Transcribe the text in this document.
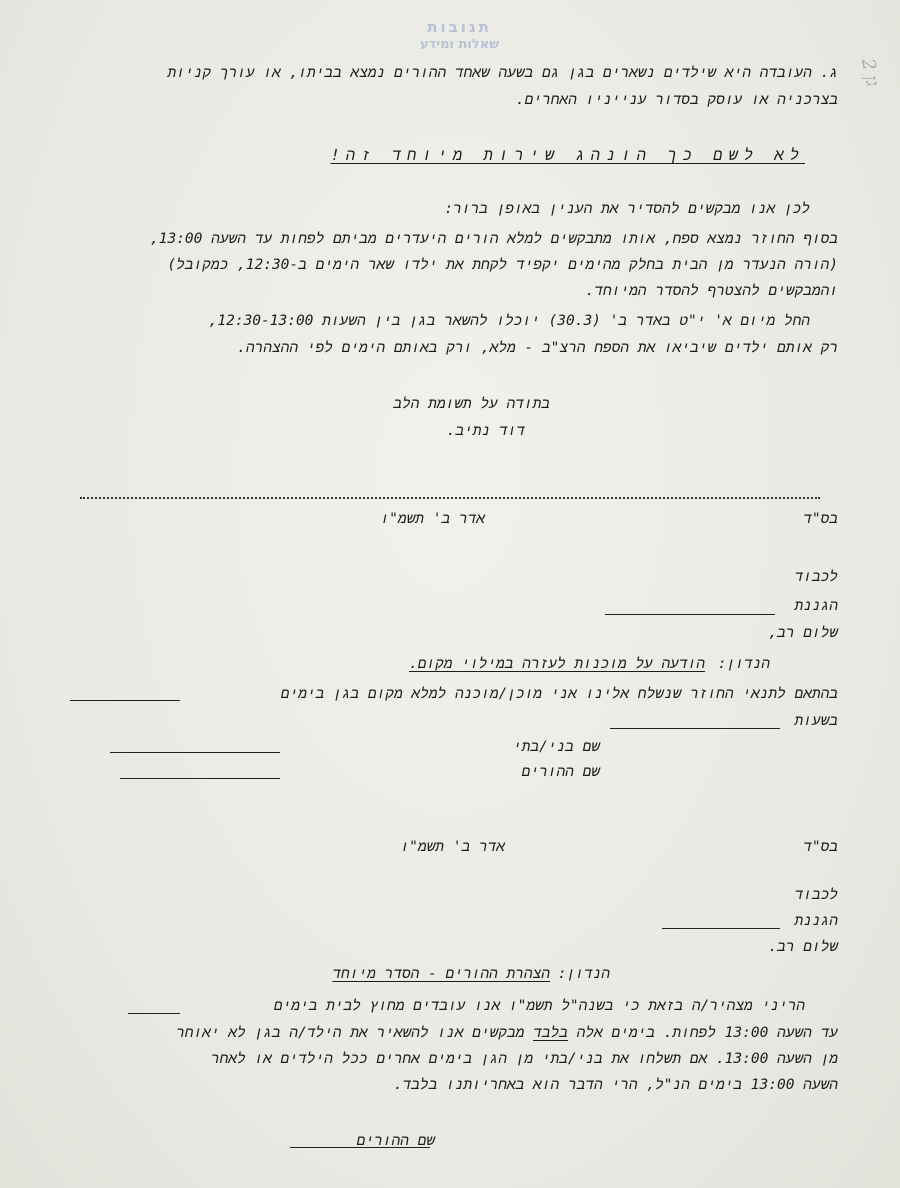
תגובות
שאלות ומידע
גן 2
ג. העובדה היא שילדים נשארים בגן גם בשעה שאחד ההורים נמצא בביתו, או עורך קניות
בצרכניה או עוסק בסדור ענייניו האחרים.
לא לשם כך הונהג שירות מיוחד זה!
לכן אנו מבקשים להסדיר את הענין באופן ברור:
בסוף החוזר נמצא ספח, אותו מתבקשים למלא הורים היעדרים מביתם לפחות עד השעה 13:00,
(הורה הנעדר מן הבית בחלק מהימים יקפיד לקחת את ילדו שאר הימים ב-12:30, כמקובל)
והמבקשים להצטרף להסדר המיוחד.
החל מיום א' י"ט באדר ב' (30.3) יוכלו להשאר בגן בין השעות 12:30-13:00,
רק אותם ילדים שיביאו את הספח הרצ"ב - מלא, ורק באותם הימים לפי ההצהרה.
בתודה על תשומת הלב
דוד נתיב.
בס"ד
אדר ב' תשמ"ו
לכבוד
הגננת
שלום רב,
הנדון:
הודעה על מוכנות לעזרה במילוי מקום.
בהתאם לתנאי החוזר שנשלח אלינו אני מוכן/מוכנה למלא מקום בגן בימים
בשעות
שם בני/בתי
שם ההורים
בס"ד
אדר ב' תשמ"ו
לכבוד
הגננת
שלום רב.
הנדון:
הצהרת ההורים - הסדר מיוחד
הריני מצהיר/ה בזאת כי בשנה"ל תשמ"ו אנו עובדים מחוץ לבית בימים
עד השעה 13:00 לפחות. בימים אלה בלבד מבקשים אנו להשאיר את הילד/ה בגן לא יאוחר
מן השעה 13:00. אם תשלחו את בני/בתי מן הגן בימים אחרים ככל הילדים או לאחר
השעה 13:00 בימים הנ"ל, הרי הדבר הוא באחריותנו בלבד.
שם ההורים
